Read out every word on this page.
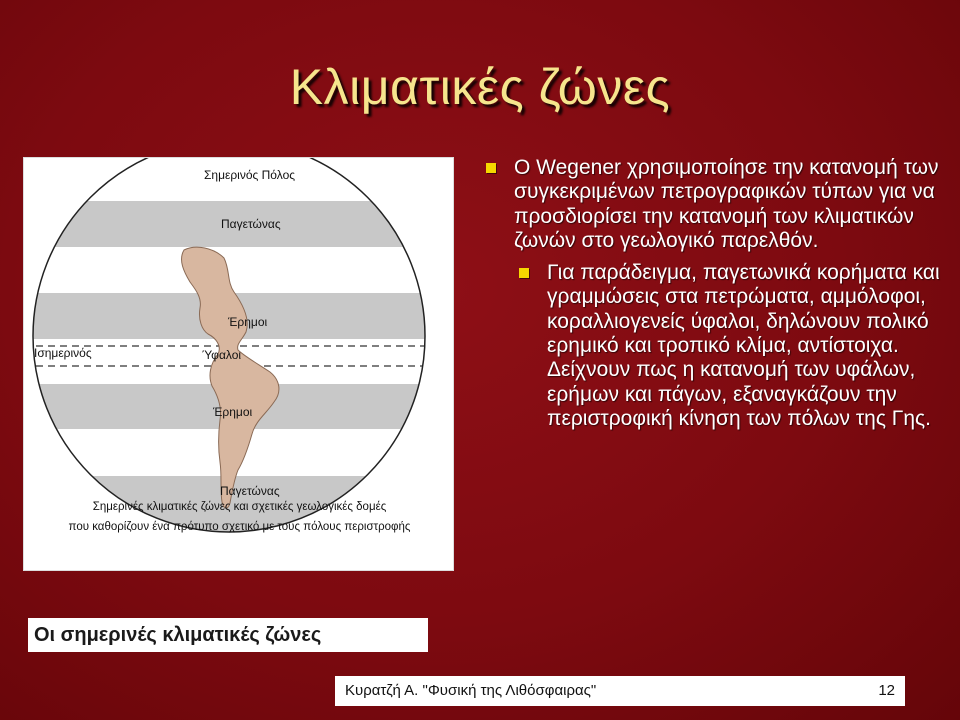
Κλιματικές ζώνες
Σημερινός Πόλος
Παγετώνας
Έρημοι
Ισημερινός	Ύφαλοι
Έρημοι
Παγετώνας
Σημερινές κλιματικές ζώνες και σχετικές γεωλογικές δομές
που καθορίζουν ένα πρότυπο σχετικό με τους πόλους περιστροφής
Ο Wegener χρησιμοποίησε την κατανομή των συγκεκριμένων πετρογραφικών τύπων για να προσδιορίσει την κατανομή των κλιματικών ζωνών στο γεωλογικό παρελθόν.
Για παράδειγμα, παγετωνικά κορήματα και γραμμώσεις στα πετρώματα, αμμόλοφοι, κοραλλιογενείς ύφαλοι, δηλώνουν πολικό ερημικό και τροπικό κλίμα, αντίστοιχα. Δείχνουν πως η κατανομή των υφάλων, ερήμων και πάγων, εξαναγκάζουν την περιστροφική κίνηση των πόλων της Γης.
Οι σημερινές κλιματικές ζώνες
Κυρατζή Α. "Φυσική της Λιθόσφαιρας"	12
